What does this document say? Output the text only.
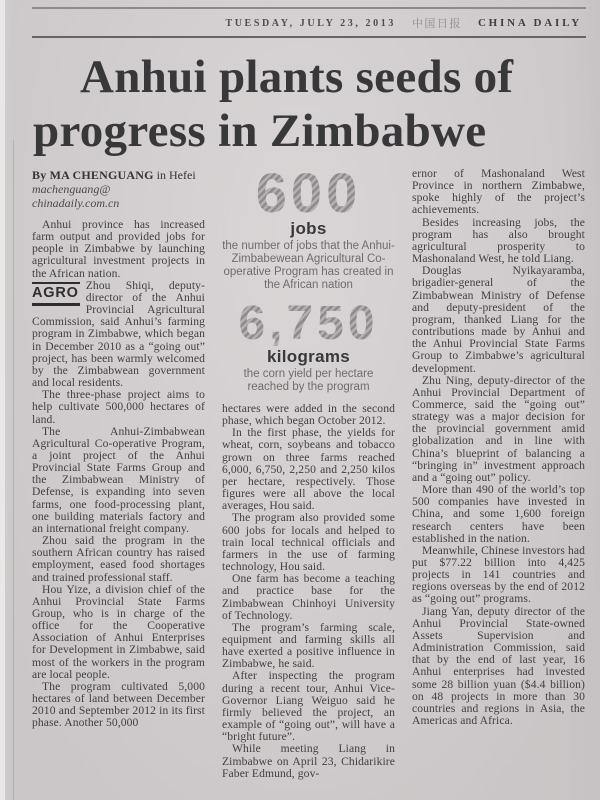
TUESDAY, JULY 23, 2013 中国日报 CHINA DAILY
Anhui plants seeds of
progress in Zimbabwe
By MA CHENGUANG in Hefei
machenguang@
chinadaily.com.cn

Anhui province has increased farm output and provided jobs for people in Zimbabwe by launching agricultural investment projects in the African nation.

AGRO Zhou Shiqi, deputy-director of the Anhui Provincial Agricultural Commission, said Anhui’s farming program in Zimbabwe, which began in December 2010 as a “going out” project, has been warmly welcomed by the Zimbabwean government and local residents.

The three-phase project aims to help cultivate 500,000 hectares of land.

The Anhui-Zimbabwean Agricultural Co-operative Program, a joint project of the Anhui Provincial State Farms Group and the Zimbabwean Ministry of Defense, is expanding into seven farms, one food-processing plant, one building materials factory and an international freight company.

Zhou said the program in the southern African country has raised employment, eased food shortages and trained professional staff.

Hou Yize, a division chief of the Anhui Provincial State Farms Group, who is in charge of the office for the Cooperative Association of Anhui Enterprises for Development in Zimbabwe, said most of the workers in the program are local people.

The program cultivated 5,000 hectares of land between December 2010 and September 2012 in its first phase. Another 50,000

600
jobs
the number of jobs that the Anhui-Zimbabewean Agricultural Co-operative Program has created in the African nation
6,750
kilograms
the corn yield per hectare reached by the program

hectares were added in the second phase, which began October 2012.

In the first phase, the yields for wheat, corn, soybeans and tobacco grown on three farms reached 6,000, 6,750, 2,250 and 2,250 kilos per hectare, respectively. Those figures were all above the local averages, Hou said.

The program also provided some 600 jobs for locals and helped to train local technical officials and farmers in the use of farming technology, Hou said.

One farm has become a teaching and practice base for the Zimbabwean Chinhoyi University of Technology.

The program’s farming scale, equipment and farming skills all have exerted a positive influence in Zimbabwe, he said.

After inspecting the program during a recent tour, Anhui Vice-Governor Liang Weiguo said he firmly believed the project, an example of “going out”, will have a “bright future”.

While meeting Liang in Zimbabwe on April 23, Chidarikire Faber Edmund, gov-

ernor of Mashonaland West Province in northern Zimbabwe, spoke highly of the project’s achievements.

Besides increasing jobs, the program has also brought agricultural prosperity to Mashonaland West, he told Liang.

Douglas Nyikayaramba, brigadier-general of the Zimbabwean Ministry of Defense and deputy-president of the program, thanked Liang for the contributions made by Anhui and the Anhui Provincial State Farms Group to Zimbabwe’s agricultural development.

Zhu Ning, deputy-director of the Anhui Provincial Department of Commerce, said the “going out” strategy was a major decision for the provincial government amid globalization and in line with China’s blueprint of balancing a “bringing in” investment approach and a “going out” policy.

More than 490 of the world’s top 500 companies have invested in China, and some 1,600 foreign research centers have been established in the nation.

Meanwhile, Chinese investors had put $77.22 billion into 4,425 projects in 141 countries and regions overseas by the end of 2012 as “going out” programs.

Jiang Yan, deputy director of the Anhui Provincial State-owned Assets Supervision and Administration Commission, said that by the end of last year, 16 Anhui enterprises had invested some 28 billion yuan ($4.4 billion) on 48 projects in more than 30 countries and regions in Asia, the Americas and Africa.
